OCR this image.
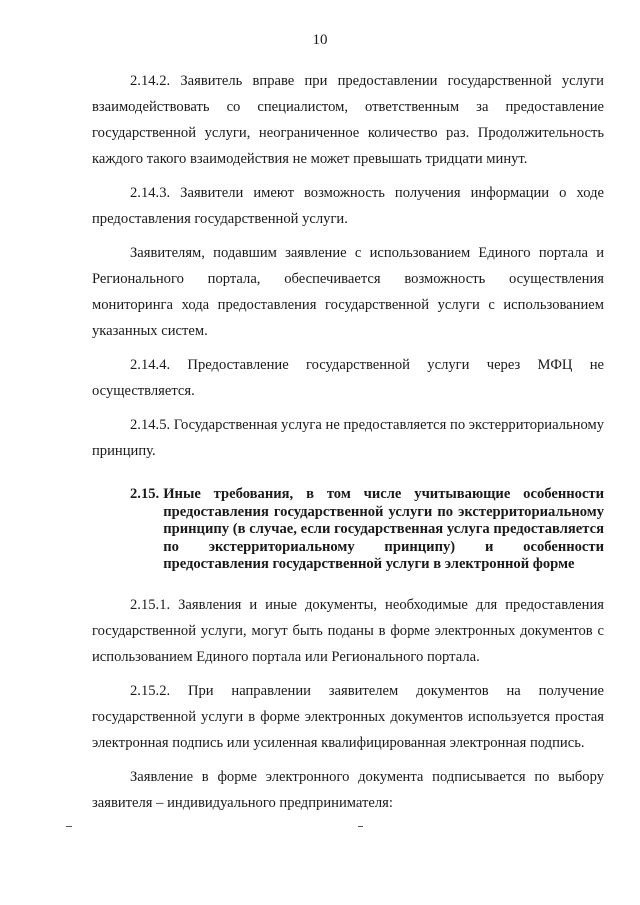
10

2.14.2. Заявитель вправе при предоставлении государственной услуги взаимодействовать со специалистом, ответственным за предоставление государственной услуги, неограниченное количество раз. Продолжительность каждого такого взаимодействия не может превышать тридцати минут.

2.14.3. Заявители имеют возможность получения информации о ходе предоставления государственной услуги.

Заявителям, подавшим заявление с использованием Единого портала и Регионального портала, обеспечивается возможность осуществления мониторинга хода предоставления государственной услуги с использованием указанных систем.

2.14.4. Предоставление государственной услуги через МФЦ не осуществляется.

2.14.5. Государственная услуга не предоставляется по экстерриториальному принципу.

2.15. Иные требования, в том числе учитывающие особенности предоставления государственной услуги по экстерриториальному принципу (в случае, если государственная услуга предоставляется по экстерриториальному принципу) и особенности предоставления государственной услуги в электронной форме

2.15.1. Заявления и иные документы, необходимые для предоставления государственной услуги, могут быть поданы в форме электронных документов с использованием Единого портала или Регионального портала.

2.15.2. При направлении заявителем документов на получение государственной услуги в форме электронных документов используется простая электронная подпись или усиленная квалифицированная электронная подпись.

Заявление в форме электронного документа подписывается по выбору заявителя – индивидуального предпринимателя:
